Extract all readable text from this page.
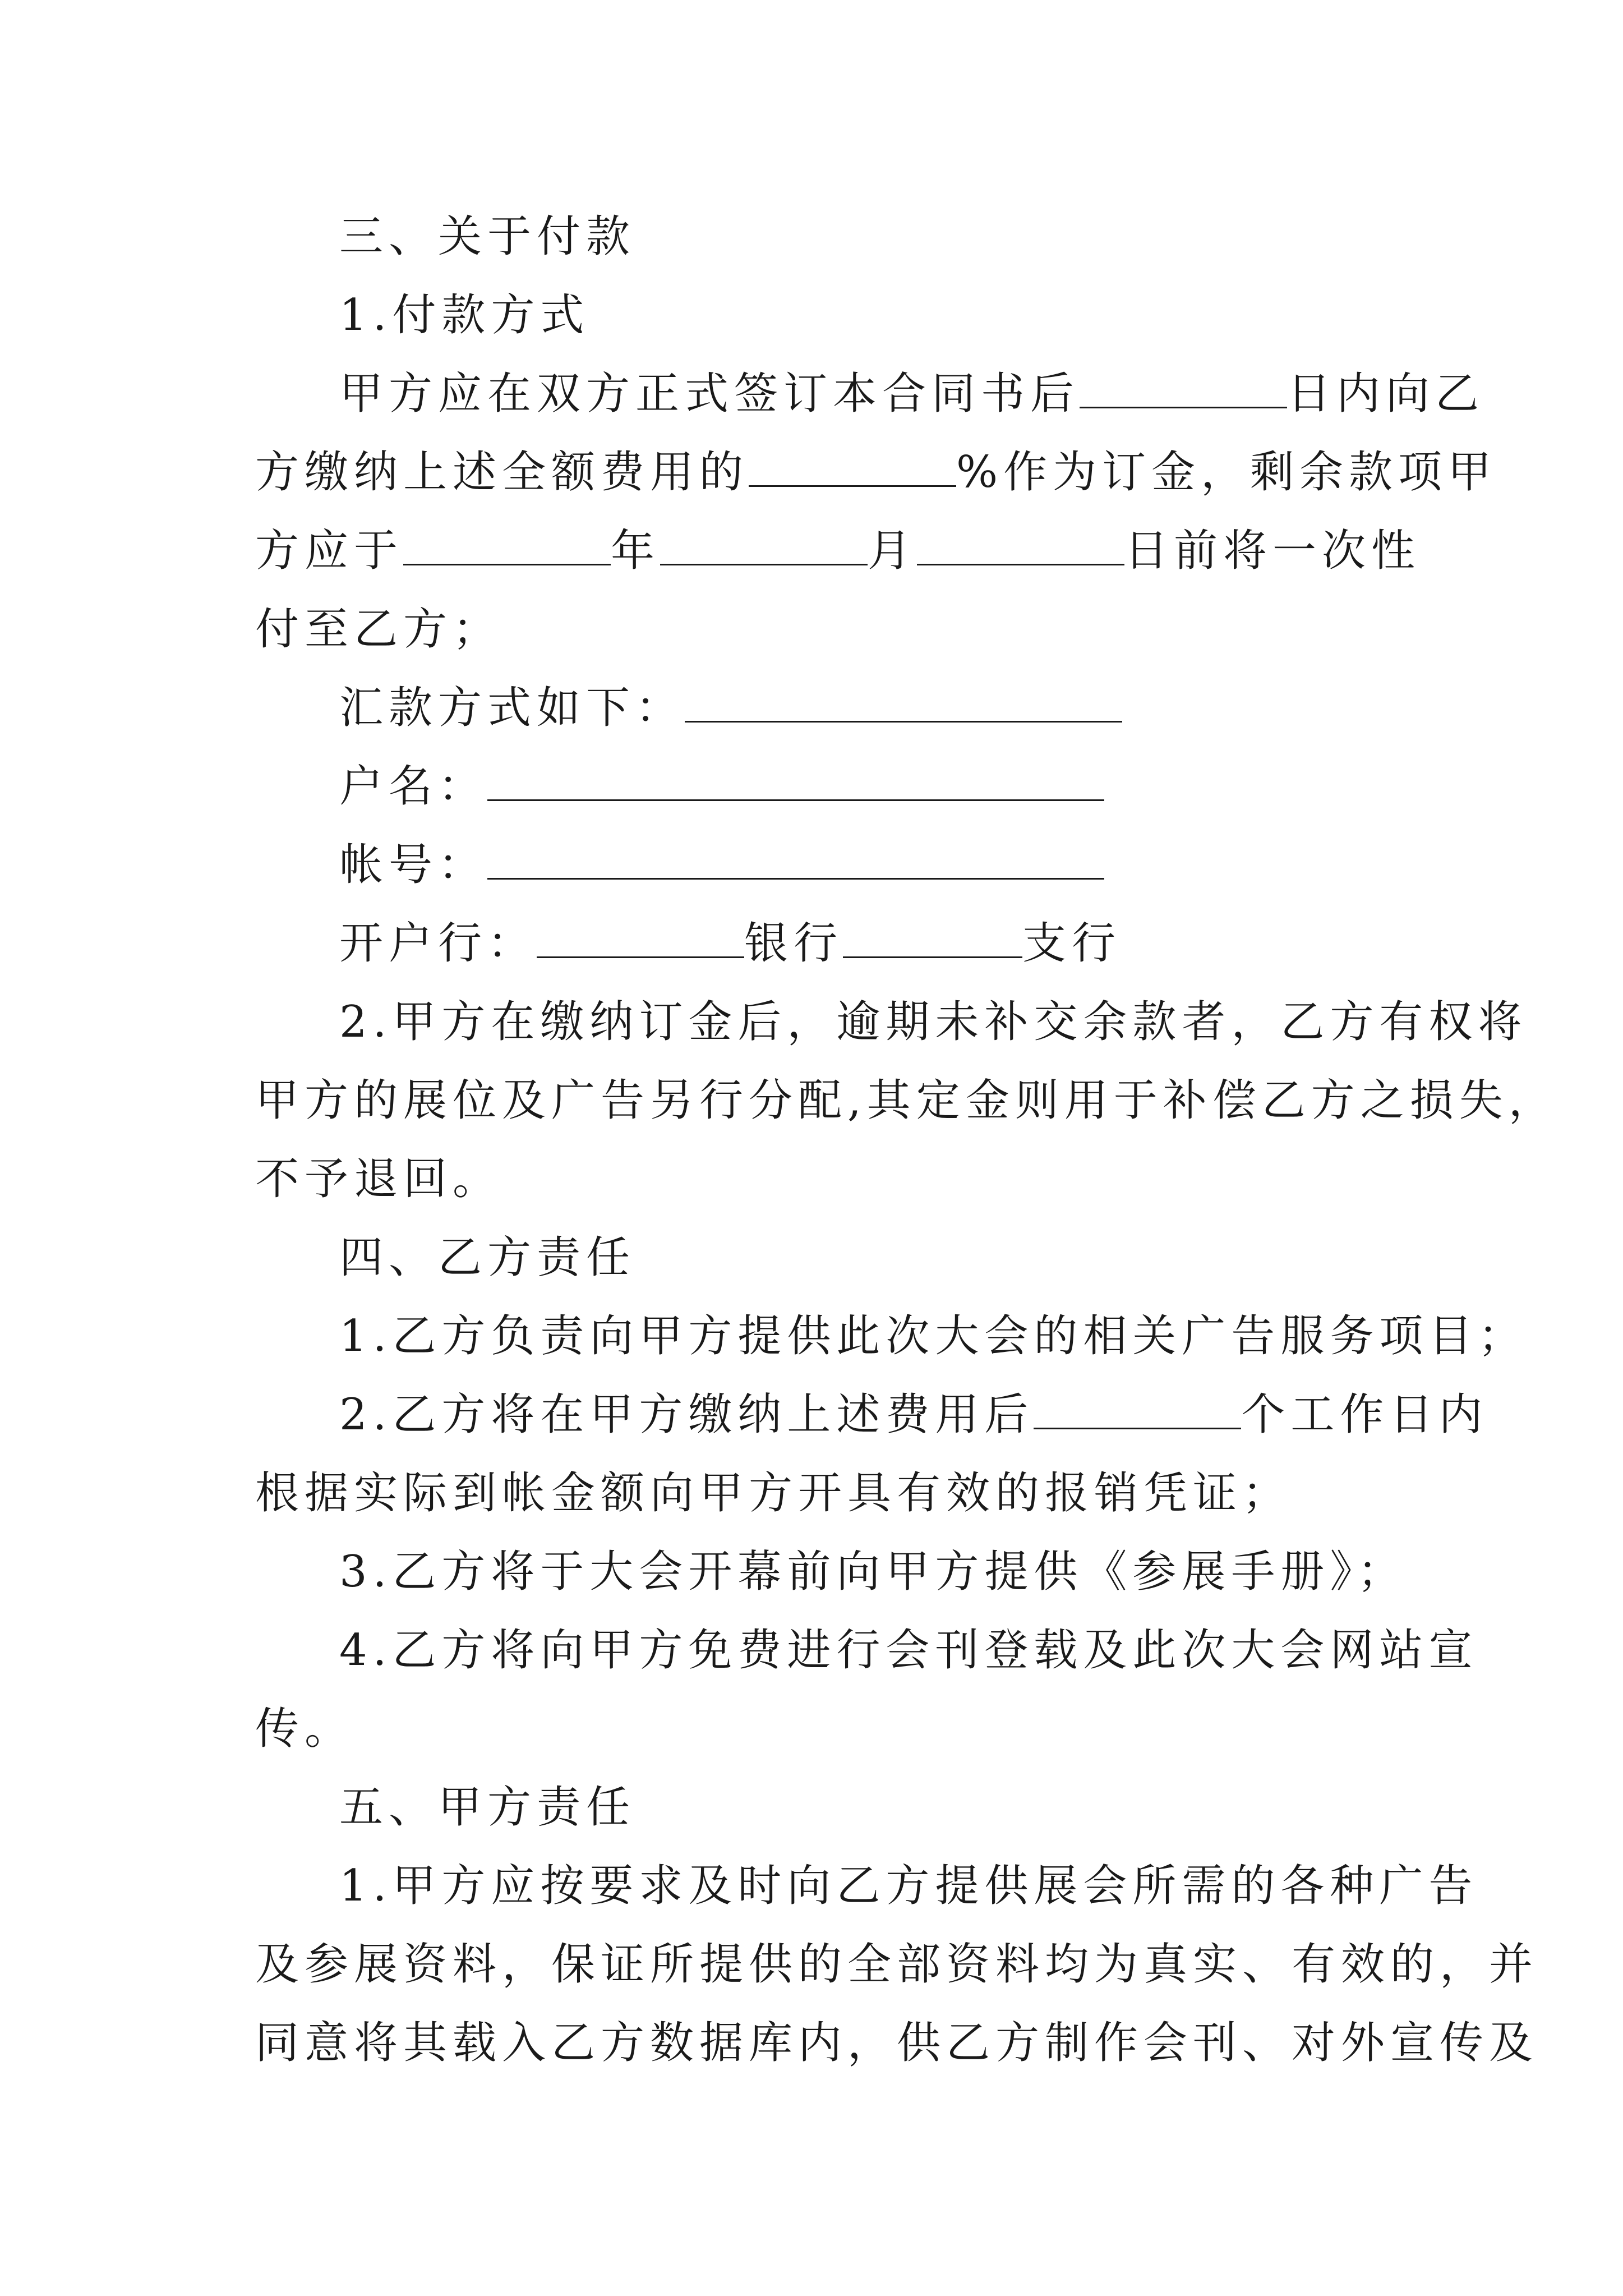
三、关于付款
1.付款方式
甲方应在双方正式签订本合同书后	日内向乙
方缴纳上述全额费用的	%作为订金，剩余款项甲
方应于	年	月	日前将一次性
付至乙方；
汇款方式如下：
户名：
帐号：
开户行：	银行	支行
2.甲方在缴纳订金后，逾期未补交余款者，乙方有权将
甲方的展位及广告另行分配,其定金则用于补偿乙方之损失，
不予退回。
四、乙方责任
1.乙方负责向甲方提供此次大会的相关广告服务项目；
2.乙方将在甲方缴纳上述费用后	个工作日内
根据实际到帐金额向甲方开具有效的报销凭证；
3.乙方将于大会开幕前向甲方提供《参展手册》；
4.乙方将向甲方免费进行会刊登载及此次大会网站宣
传。
五、甲方责任
1.甲方应按要求及时向乙方提供展会所需的各种广告
及参展资料，保证所提供的全部资料均为真实、有效的，并
同意将其载入乙方数据库内，供乙方制作会刊、对外宣传及
